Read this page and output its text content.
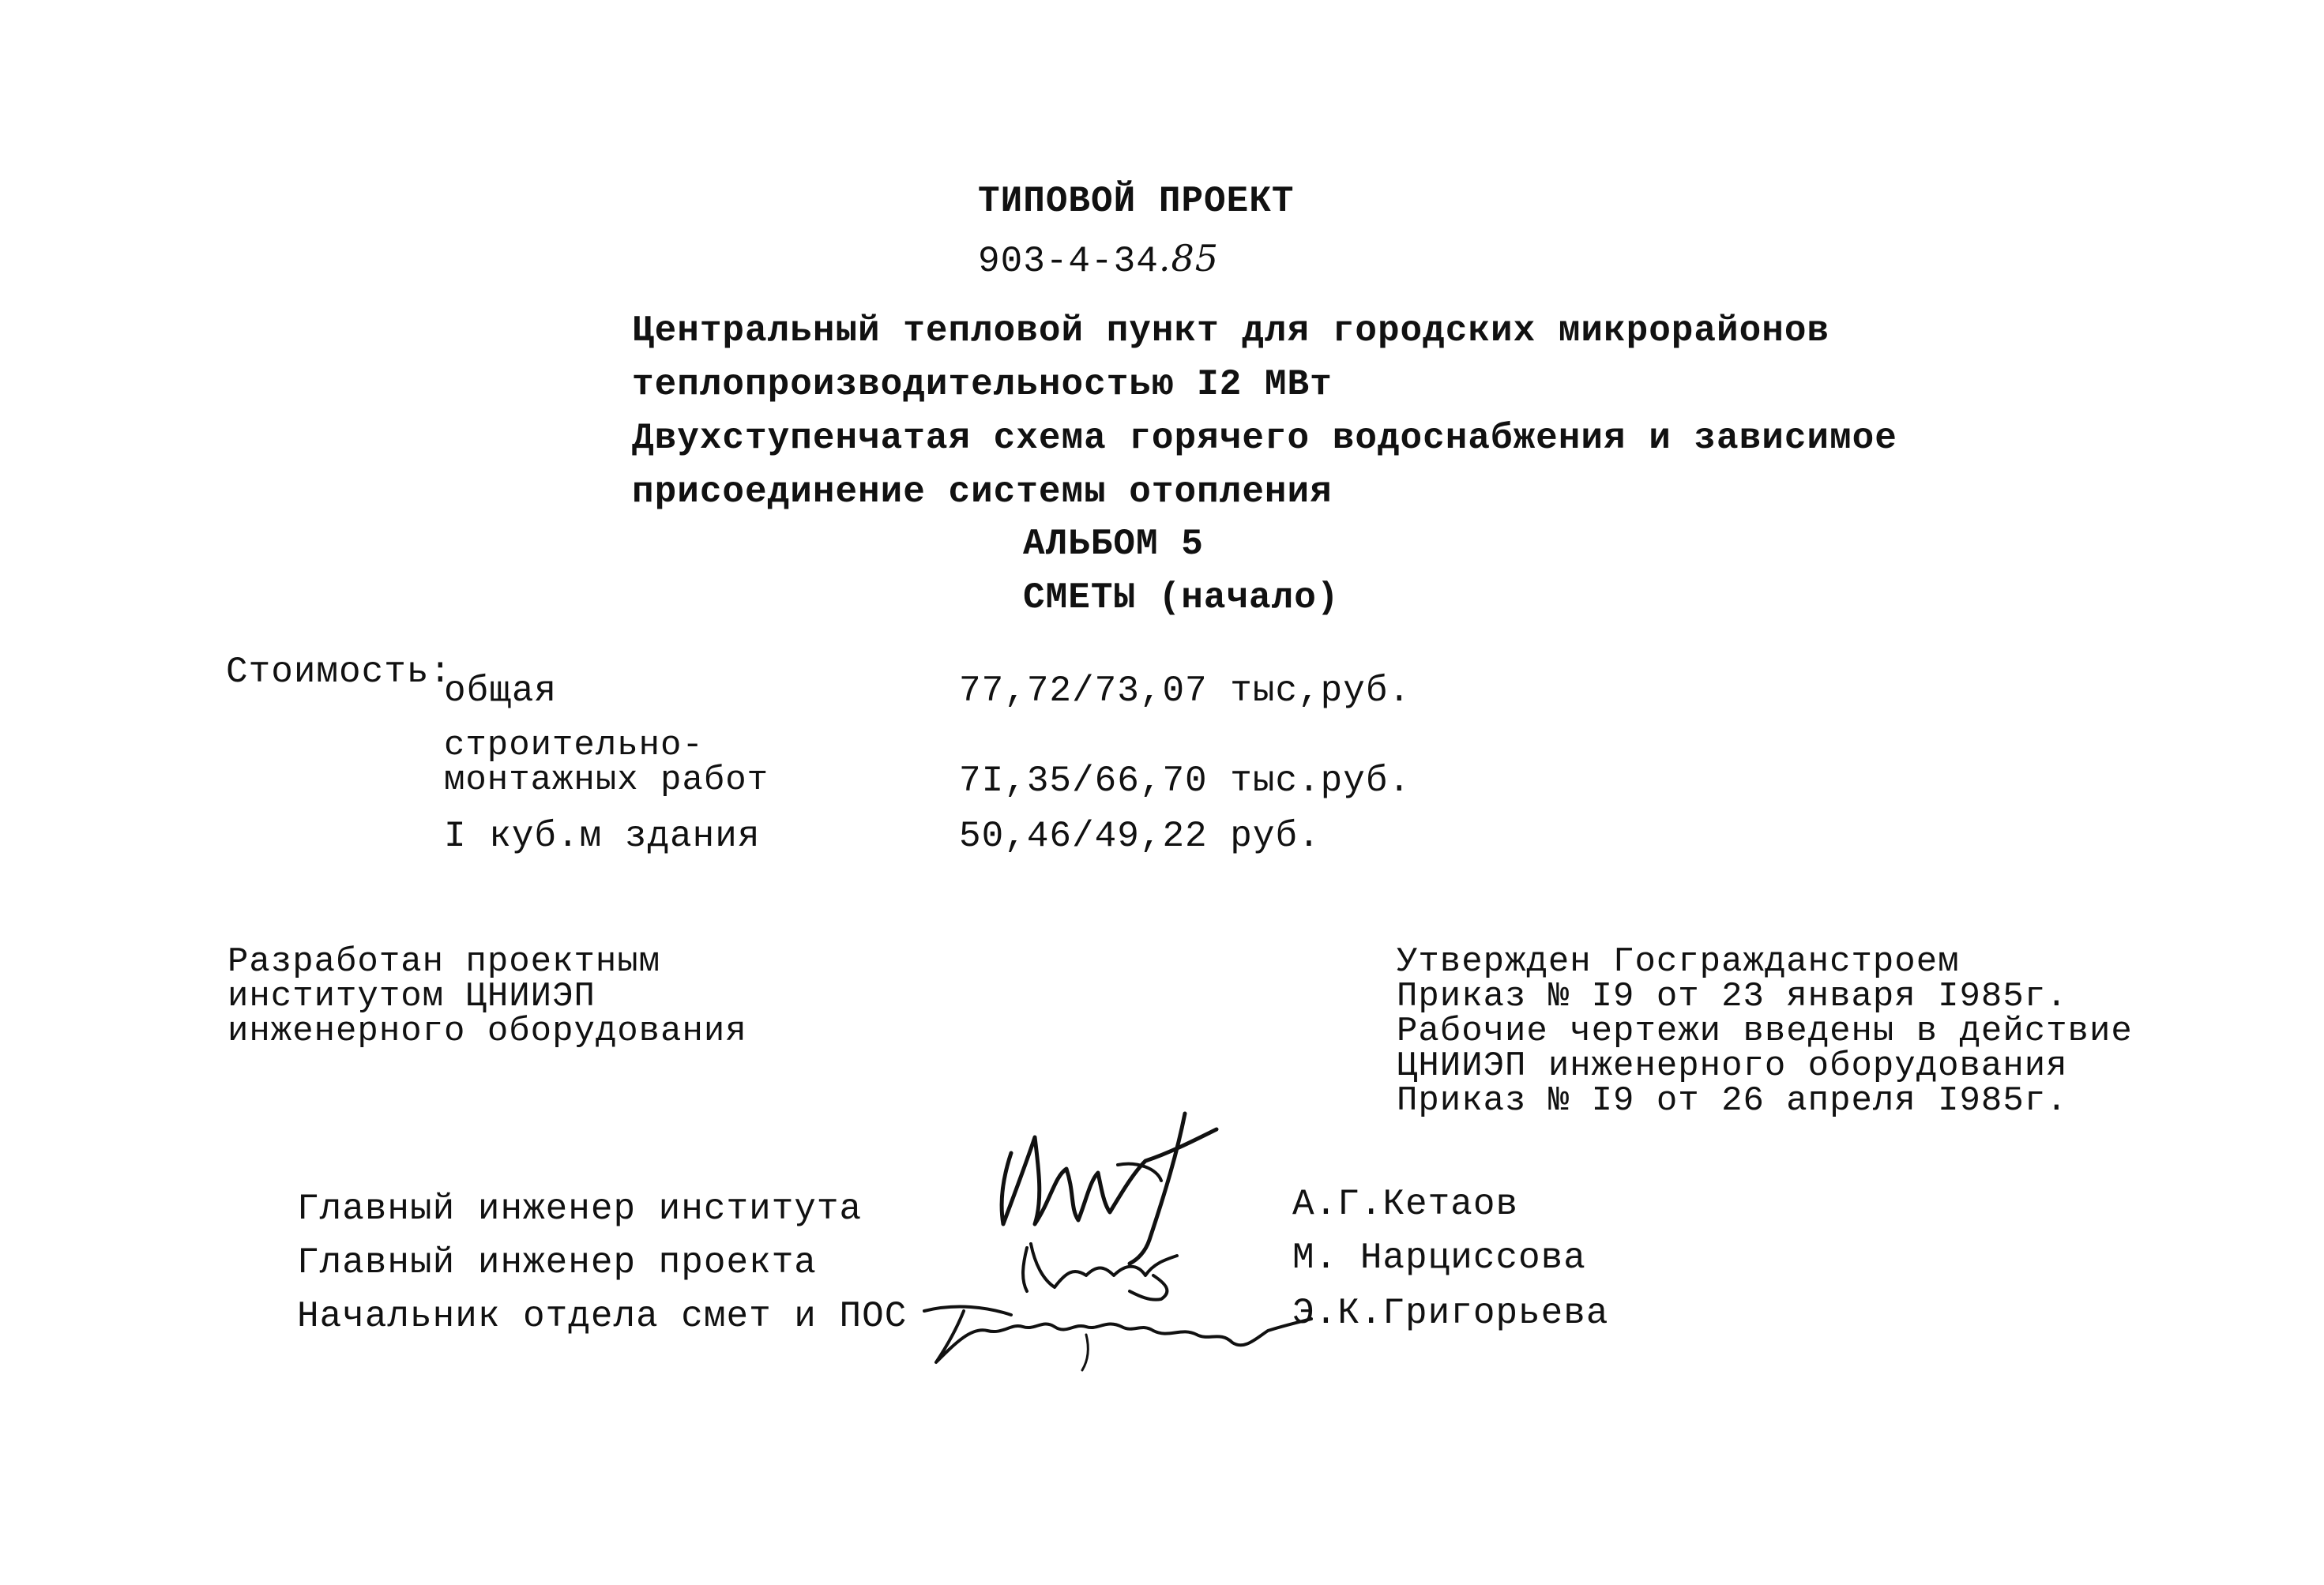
ТИПОВОЙ ПРОЕКТ
903-4-34.85
Центральный тепловой пункт для городских микрорайонов
теплопроизводительностью I2 МВт
Двухступенчатая схема горячего водоснабжения и зависимое
присоединение системы отопления
АЛЬБОМ 5
СМЕТЫ (начало)
Стоимость:
общая	77,72/73,07 тыс,руб.
строительно-
монтажных работ	7I,35/66,70 тыс.руб.
I куб.м здания	50,46/49,22 руб.
Разработан проектным
институтом ЦНИИЭП
инженерного оборудования
Утвержден Госгражданстроем
Приказ № I9 от 23 января I985г.
Рабочие чертежи введены в действие
ЦНИИЭП инженерного оборудования
Приказ № I9 от 26 апреля I985г.
Главный инженер института	А.Г.Кетаов
Главный инженер проекта	М. Нарциссова
Начальник отдела смет и ПОС	Э.К.Григорьева
